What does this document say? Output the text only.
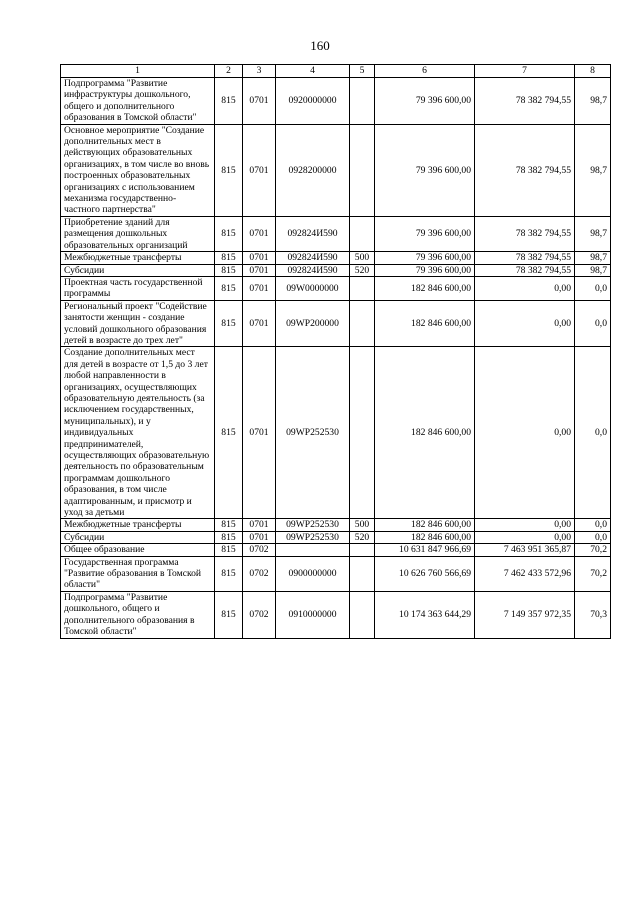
160
1	2	3	4	5	6	7	8
Подпрограмма "Развитие инфраструктуры дошкольного, общего и дополнительного образования в Томской области"	815	0701	0920000000		79 396 600,00	78 382 794,55	98,7
Основное мероприятие "Создание дополнительных мест в действующих образовательных организациях, в том числе во вновь построенных образовательных организациях с использованием механизма государственно-частного партнерства"	815	0701	0928200000		79 396 600,00	78 382 794,55	98,7
Приобретение зданий для размещения дошкольных образовательных организаций	815	0701	092824И590		79 396 600,00	78 382 794,55	98,7
Межбюджетные трансферты	815	0701	092824И590	500	79 396 600,00	78 382 794,55	98,7
Субсидии	815	0701	092824И590	520	79 396 600,00	78 382 794,55	98,7
Проектная часть государственной программы	815	0701	09W0000000		182 846 600,00	0,00	0,0
Региональный проект "Содействие занятости женщин - создание условий дошкольного образования детей в возрасте до трех лет"	815	0701	09WP200000		182 846 600,00	0,00	0,0
Создание дополнительных мест для детей в возрасте от 1,5 до 3 лет любой направленности в организациях, осуществляющих образовательную деятельность (за исключением государственных, муниципальных), и у индивидуальных предпринимателей, осуществляющих образовательную деятельность по образовательным программам дошкольного образования, в том числе адаптированным, и присмотр и уход за детьми	815	0701	09WP252530		182 846 600,00	0,00	0,0
Межбюджетные трансферты	815	0701	09WP252530	500	182 846 600,00	0,00	0,0
Субсидии	815	0701	09WP252530	520	182 846 600,00	0,00	0,0
Общее образование	815	0702			10 631 847 966,69	7 463 951 365,87	70,2
Государственная программа "Развитие образования в Томской области"	815	0702	0900000000		10 626 760 566,69	7 462 433 572,96	70,2
Подпрограмма "Развитие дошкольного, общего и дополнительного образования в Томской области"	815	0702	0910000000		10 174 363 644,29	7 149 357 972,35	70,3
